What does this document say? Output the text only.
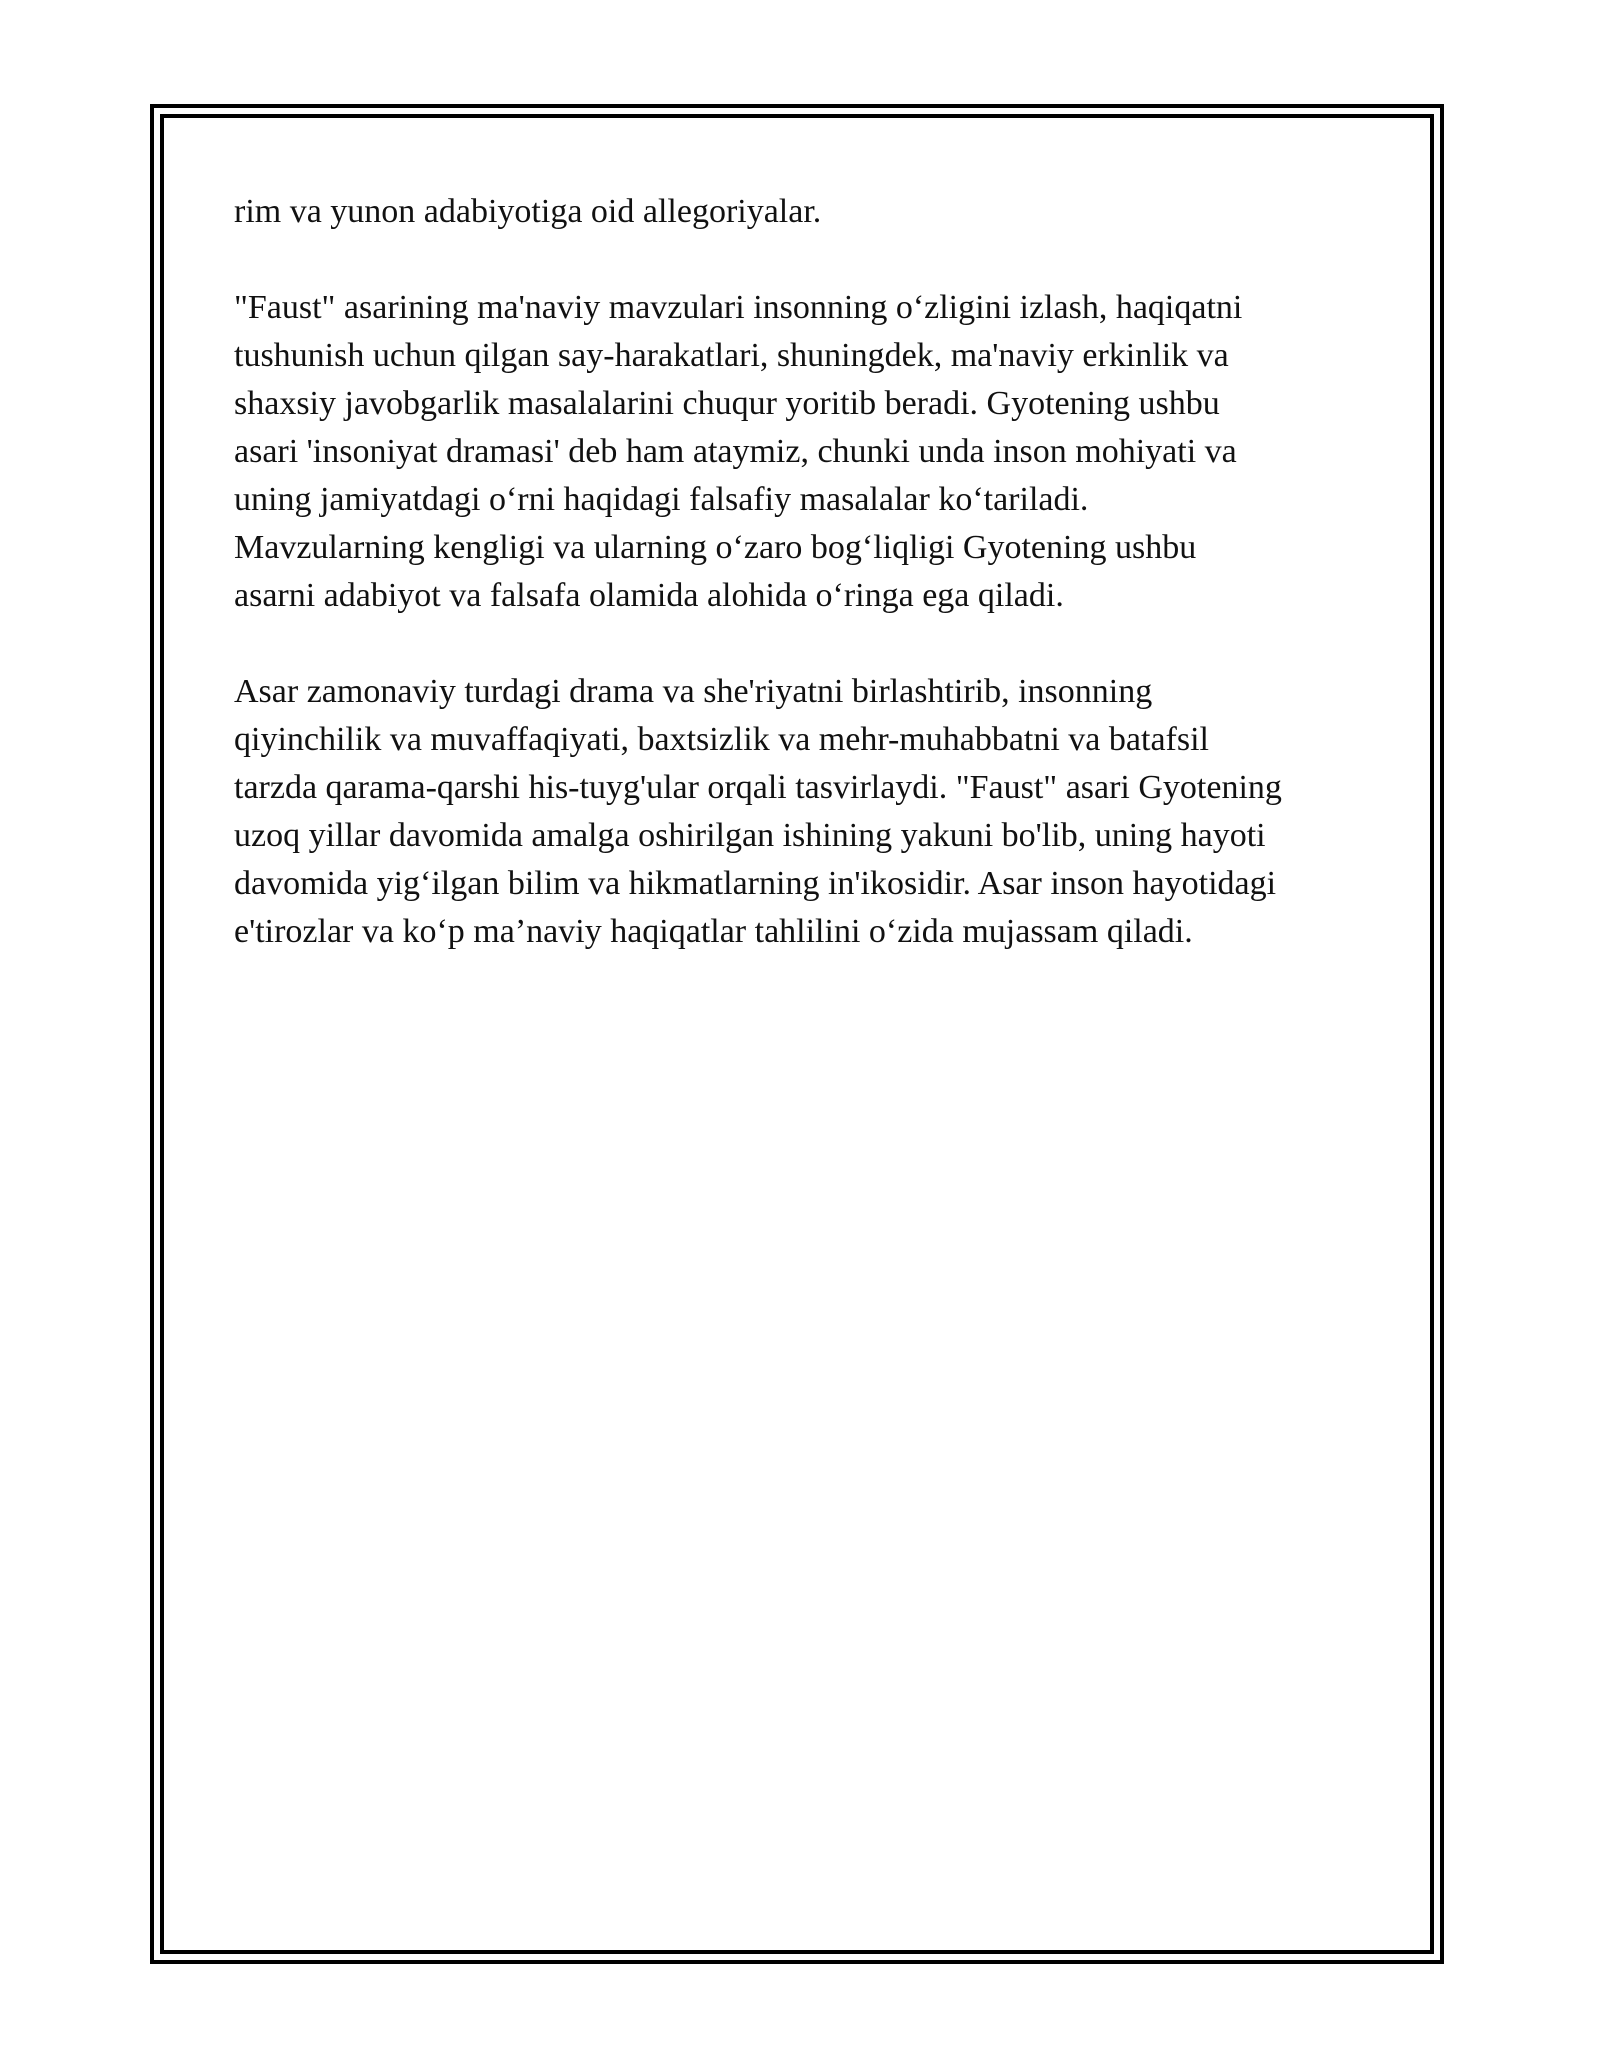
rim va yunon adabiyotiga oid allegoriyalar.

"Faust" asarining ma'naviy mavzulari insonning o‘zligini izlash, haqiqatni
tushunish uchun qilgan say-harakatlari, shuningdek, ma'naviy erkinlik va
shaxsiy javobgarlik masalalarini chuqur yoritib beradi. Gyotening ushbu
asari 'insoniyat dramasi' deb ham ataymiz, chunki unda inson mohiyati va
uning jamiyatdagi o‘rni haqidagi falsafiy masalalar ko‘tariladi.
Mavzularning kengligi va ularning o‘zaro bog‘liqligi Gyotening ushbu
asarni adabiyot va falsafa olamida alohida o‘ringa ega qiladi.

Asar zamonaviy turdagi drama va she'riyatni birlashtirib, insonning
qiyinchilik va muvaffaqiyati, baxtsizlik va mehr-muhabbatni va batafsil
tarzda qarama-qarshi his-tuyg'ular orqali tasvirlaydi. "Faust" asari Gyotening
uzoq yillar davomida amalga oshirilgan ishining yakuni bo'lib, uning hayoti
davomida yig‘ilgan bilim va hikmatlarning in'ikosidir. Asar inson hayotidagi
e'tirozlar va ko‘p ma’naviy haqiqatlar tahlilini o‘zida mujassam qiladi.
